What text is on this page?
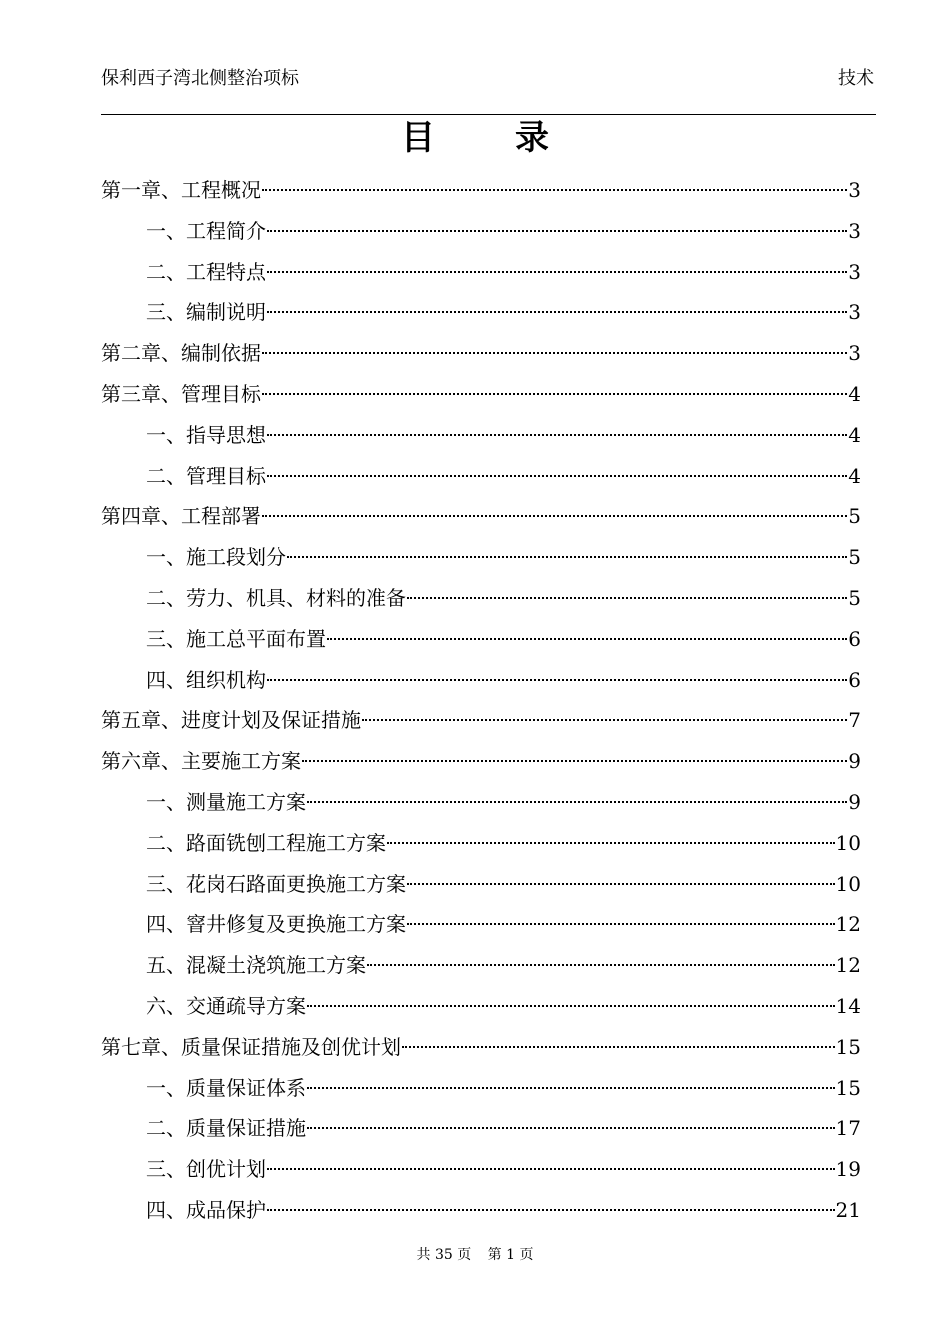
保利西子湾北侧整治项标	技术
目录
第一章、工程概况	3
一、工程简介	3
二、工程特点	3
三、编制说明	3
第二章、编制依据	3
第三章、管理目标	4
一、指导思想	4
二、管理目标	4
第四章、工程部署	5
一、施工段划分	5
二、劳力、机具、材料的准备	5
三、施工总平面布置	6
四、组织机构	6
第五章、进度计划及保证措施	7
第六章、主要施工方案	9
一、测量施工方案	9
二、路面铣刨工程施工方案	10
三、花岗石路面更换施工方案	10
四、窨井修复及更换施工方案	12
五、混凝土浇筑施工方案	12
六、交通疏导方案	14
第七章、质量保证措施及创优计划	15
一、质量保证体系	15
二、质量保证措施	17
三、创优计划	19
四、成品保护	21
共 35 页 第 1 页
